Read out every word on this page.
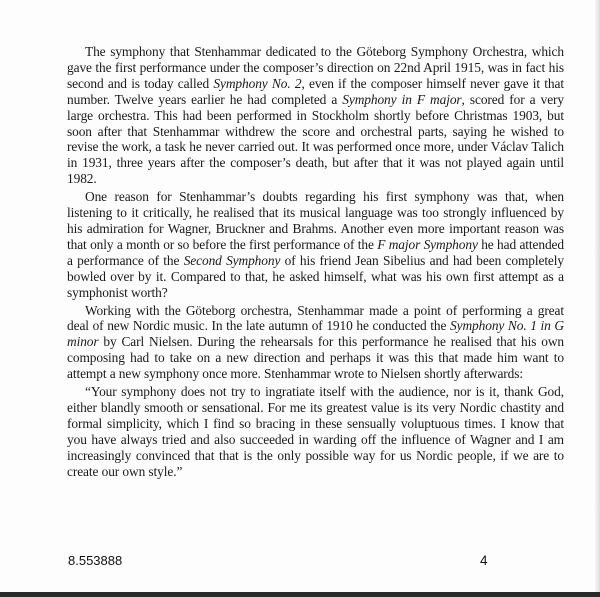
The symphony that Stenhammar dedicated to the Göteborg Symphony Orchestra, which gave the first performance under the composer’s direction on 22nd April 1915, was in fact his second and is today called Symphony No. 2, even if the composer himself never gave it that number. Twelve years earlier he had completed a Symphony in F major, scored for a very large orchestra. This had been performed in Stockholm shortly before Christmas 1903, but soon after that Stenhammar withdrew the score and orchestral parts, saying he wished to revise the work, a task he never carried out. It was performed once more, under Václav Talich in 1931, three years after the composer’s death, but after that it was not played again until 1982.

One reason for Stenhammar’s doubts regarding his first symphony was that, when listening to it critically, he realised that its musical language was too strongly influenced by his admiration for Wagner, Bruckner and Brahms. Another even more important reason was that only a month or so before the first performance of the F major Symphony he had attended a performance of the Second Symphony of his friend Jean Sibelius and had been completely bowled over by it. Compared to that, he asked himself, what was his own first attempt as a symphonist worth?

Working with the Göteborg orchestra, Stenhammar made a point of performing a great deal of new Nordic music. In the late autumn of 1910 he conducted the Symphony No. 1 in G minor by Carl Nielsen. During the rehearsals for this performance he realised that his own composing had to take on a new direction and perhaps it was this that made him want to attempt a new symphony once more. Stenhammar wrote to Nielsen shortly afterwards:

“Your symphony does not try to ingratiate itself with the audience, nor is it, thank God, either blandly smooth or sensational. For me its greatest value is its very Nordic chastity and formal simplicity, which I find so bracing in these sensually voluptuous times. I know that you have always tried and also succeeded in warding off the influence of Wagner and I am increasingly convinced that that is the only possible way for us Nordic people, if we are to create our own style.”

8.553888	4
